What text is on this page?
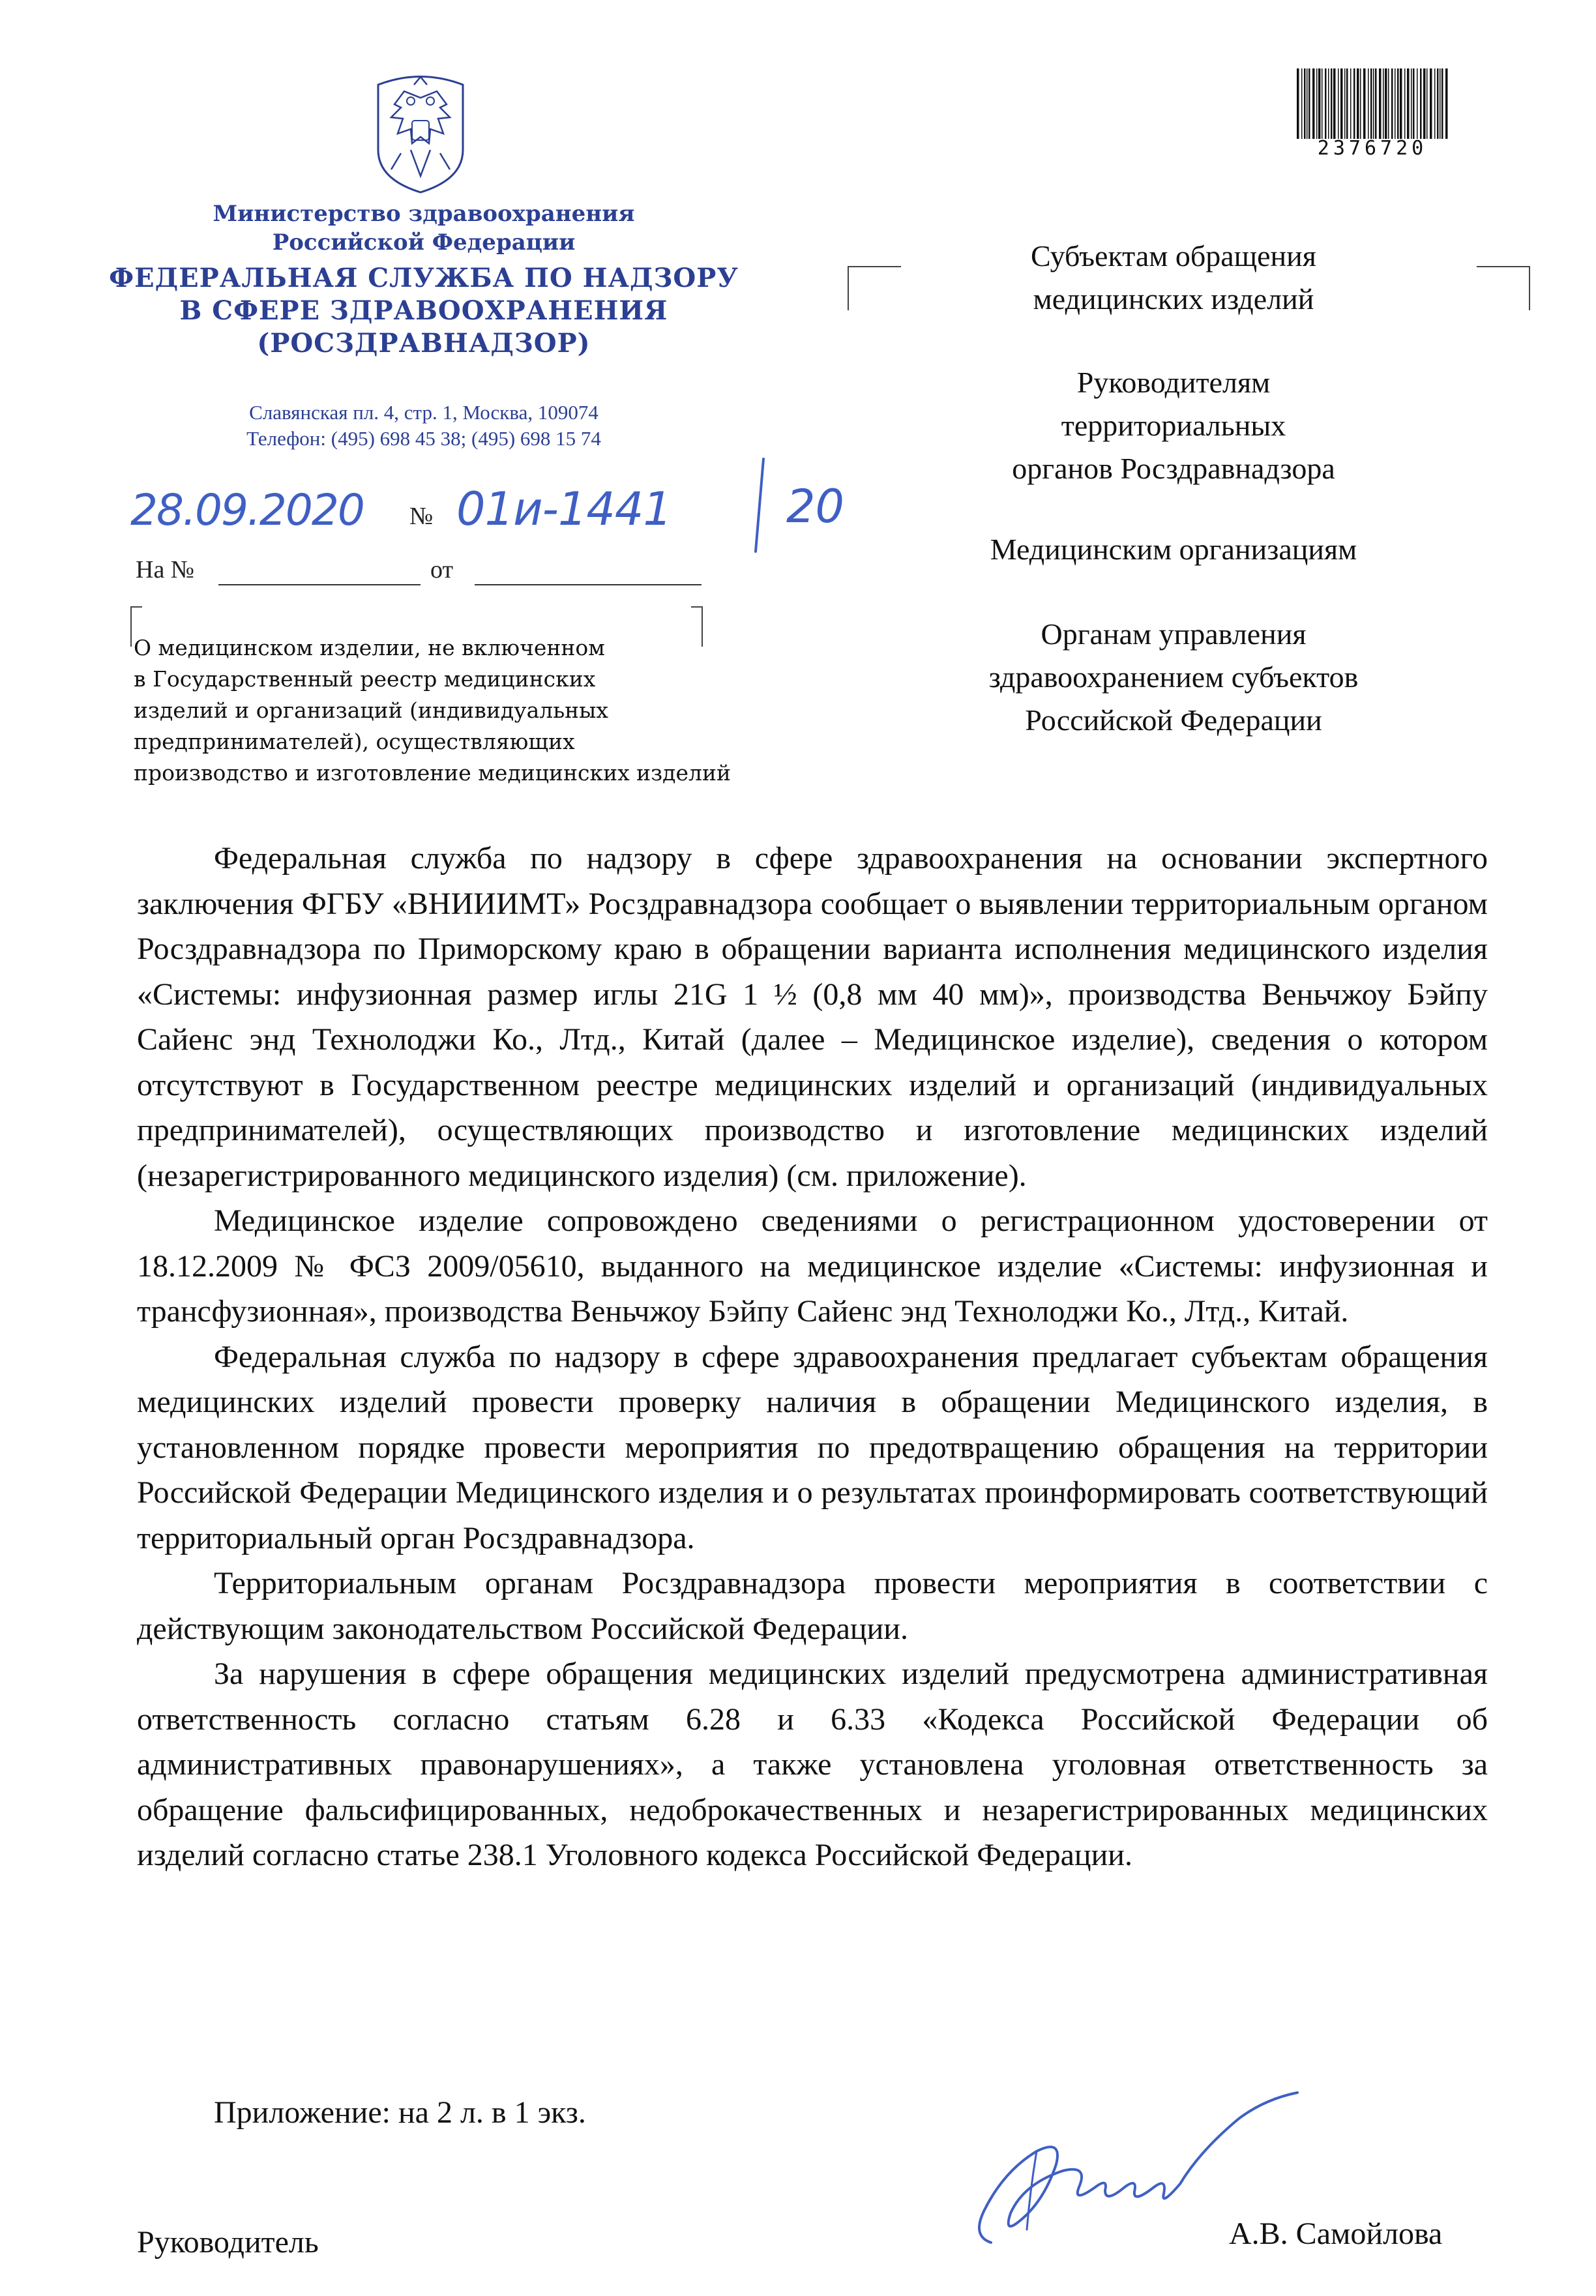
Министерство здравоохранения
Российской Федерации
ФЕДЕРАЛЬНАЯ СЛУЖБА ПО НАДЗОРУ
В СФЕРЕ ЗДРАВООХРАНЕНИЯ
(РОСЗДРАВНАДЗОР)
Славянская пл. 4, стр. 1, Москва, 109074
Телефон: (495) 698 45 38; (495) 698 15 74
28.09.2020 № 01и-1441	20
На №	от
О медицинском изделии, не включенном
в Государственный реестр медицинских
изделий и организаций (индивидуальных
предпринимателей), осуществляющих
производство и изготовление медицинских изделий
2376720
Субъектам обращения
медицинских изделий
Руководителям
территориальных
органов Росздравнадзора
Медицинским организациям
Органам управления
здравоохранением субъектов
Российской Федерации

Федеральная служба по надзору в сфере здравоохранения на основании экспертного заключения ФГБУ «ВНИИИМТ» Росздравнадзора сообщает о выявлении территориальным органом Росздравнадзора по Приморскому краю в обращении варианта исполнения медицинского изделия «Системы: инфузионная размер иглы 21G 1 ½ (0,8 мм 40 мм)», производства Веньчжоу Бэйпу Сайенс энд Технолоджи Ко., Лтд., Китай (далее – Медицинское изделие), сведения о котором отсутствуют в Государственном реестре медицинских изделий и организаций (индивидуальных предпринимателей), осуществляющих производство и изготовление медицинских изделий (незарегистрированного медицинского изделия) (см. приложение).

Медицинское изделие сопровождено сведениями о регистрационном удостоверении от 18.12.2009 № ФСЗ 2009/05610, выданного на медицинское изделие «Системы: инфузионная и трансфузионная», производства Веньчжоу Бэйпу Сайенс энд Технолоджи Ко., Лтд., Китай.

Федеральная служба по надзору в сфере здравоохранения предлагает субъектам обращения медицинских изделий провести проверку наличия в обращении Медицинского изделия, в установленном порядке провести мероприятия по предотвращению обращения на территории Российской Федерации Медицинского изделия и о результатах проинформировать соответствующий территориальный орган Росздравнадзора.

Территориальным органам Росздравнадзора провести мероприятия в соответствии с действующим законодательством Российской Федерации.

За нарушения в сфере обращения медицинских изделий предусмотрена административная ответственность согласно статьям 6.28 и 6.33 «Кодекса Российской Федерации об административных правонарушениях», а также установлена уголовная ответственность за обращение фальсифицированных, недоброкачественных и незарегистрированных медицинских изделий согласно статье 238.1 Уголовного кодекса Российской Федерации.

Приложение: на 2 л. в 1 экз.
Руководитель	А.В. Самойлова
